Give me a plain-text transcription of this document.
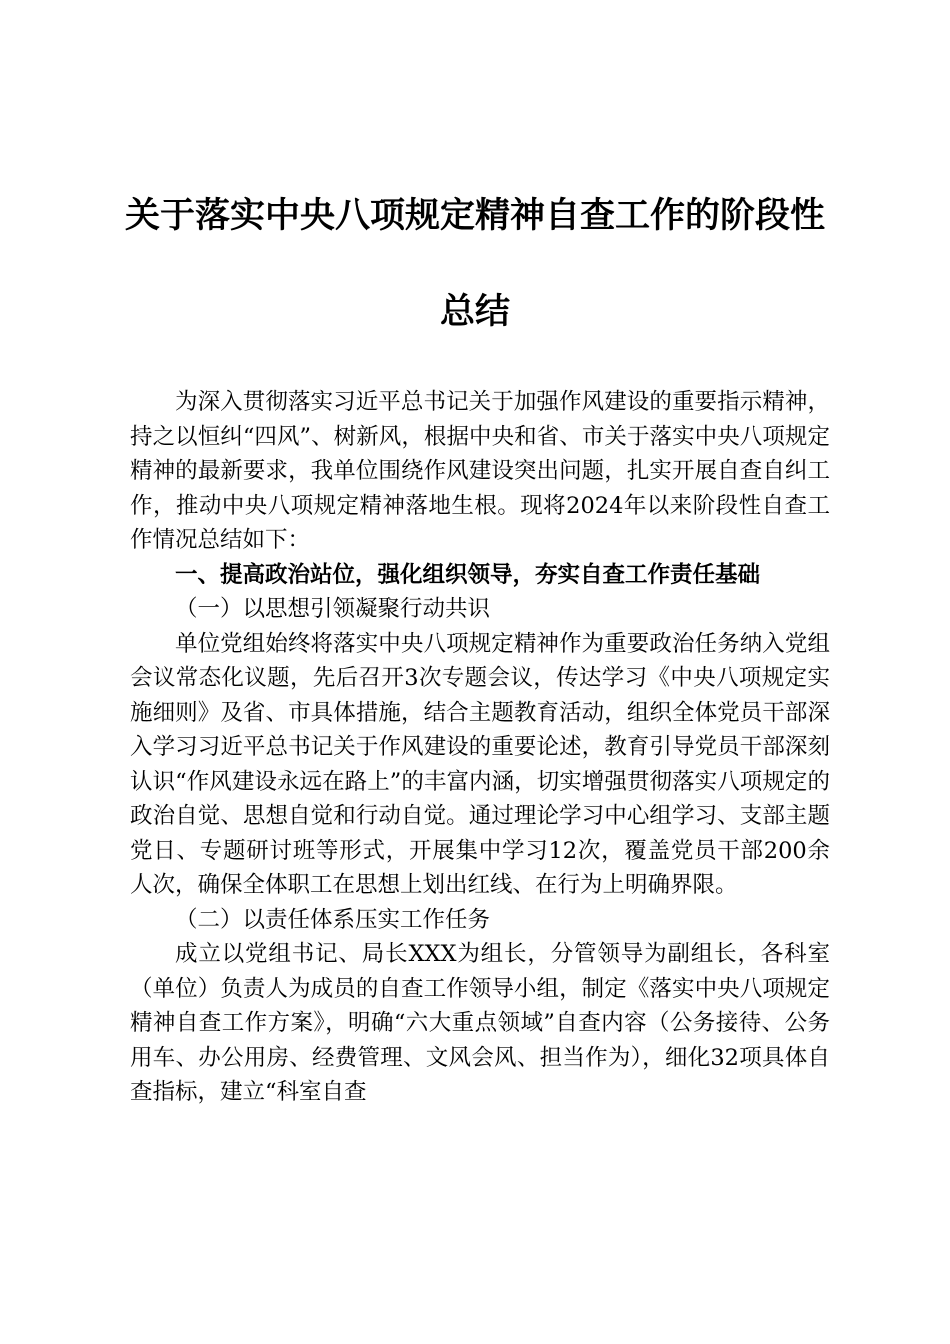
关于落实中央八项规定精神自查工作的阶段性
总结

为深入贯彻落实习近平总书记关于加强作风建设的重要指示精神，持之以恒纠“四风”、树新风，根据中央和省、市关于落实中央八项规定精神的最新要求，我单位围绕作风建设突出问题，扎实开展自查自纠工作，推动中央八项规定精神落地生根。现将2024年以来阶段性自查工作情况总结如下：

一、提高政治站位，强化组织领导，夯实自查工作责任基础

（一）以思想引领凝聚行动共识

单位党组始终将落实中央八项规定精神作为重要政治任务纳入党组会议常态化议题，先后召开3次专题会议，传达学习《中央八项规定实施细则》及省、市具体措施，结合主题教育活动，组织全体党员干部深入学习习近平总书记关于作风建设的重要论述，教育引导党员干部深刻认识“作风建设永远在路上”的丰富内涵，切实增强贯彻落实八项规定的政治自觉、思想自觉和行动自觉。通过理论学习中心组学习、支部主题党日、专题研讨班等形式，开展集中学习12次，覆盖党员干部200余人次，确保全体职工在思想上划出红线、在行为上明确界限。

（二）以责任体系压实工作任务

成立以党组书记、局长XXX为组长，分管领导为副组长，各科室（单位）负责人为成员的自查工作领导小组，制定《落实中央八项规定精神自查工作方案》，明确“六大重点领域”自查内容（公务接待、公务用车、办公用房、经费管理、文风会风、担当作为），细化32项具体自查指标，建立“科室自查
